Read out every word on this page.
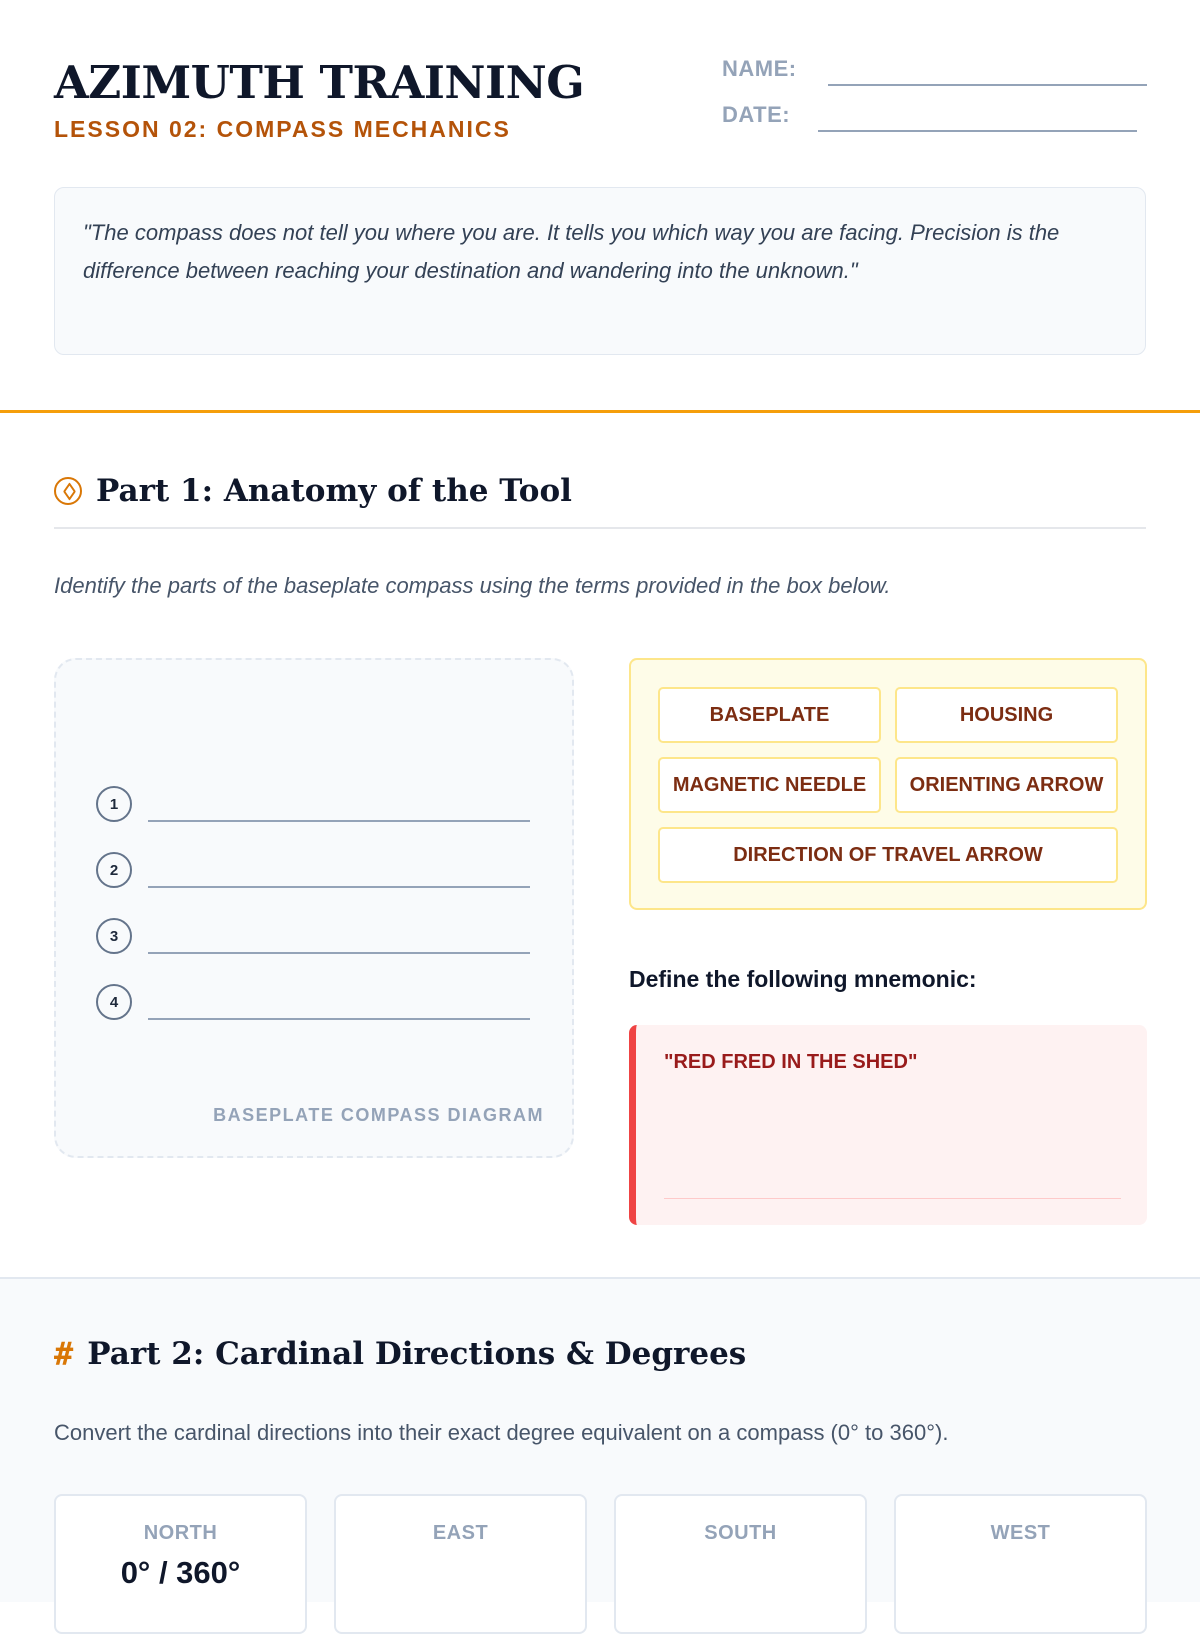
AZIMUTH TRAINING

LESSON 02: COMPASS MECHANICS

NAME:
DATE:
"The compass does not tell you where you are. It tells you which way you are facing. Precision is the difference between reaching your destination and wandering into the unknown."
Part 1: Anatomy of the Tool

Identify the parts of the baseplate compass using the terms provided in the box below.

1
2
3
4
BASEPLATE COMPASS DIAGRAM
BASEPLATE	HOUSING
MAGNETIC NEEDLE	ORIENTING ARROW
DIRECTION OF TRAVEL ARROW

Define the following mnemonic:

"RED FRED IN THE SHED"
# Part 2: Cardinal Directions & Degrees

Convert the cardinal directions into their exact degree equivalent on a compass (0° to 360°).

NORTH
0° / 360°
EAST	SOUTH	WEST
